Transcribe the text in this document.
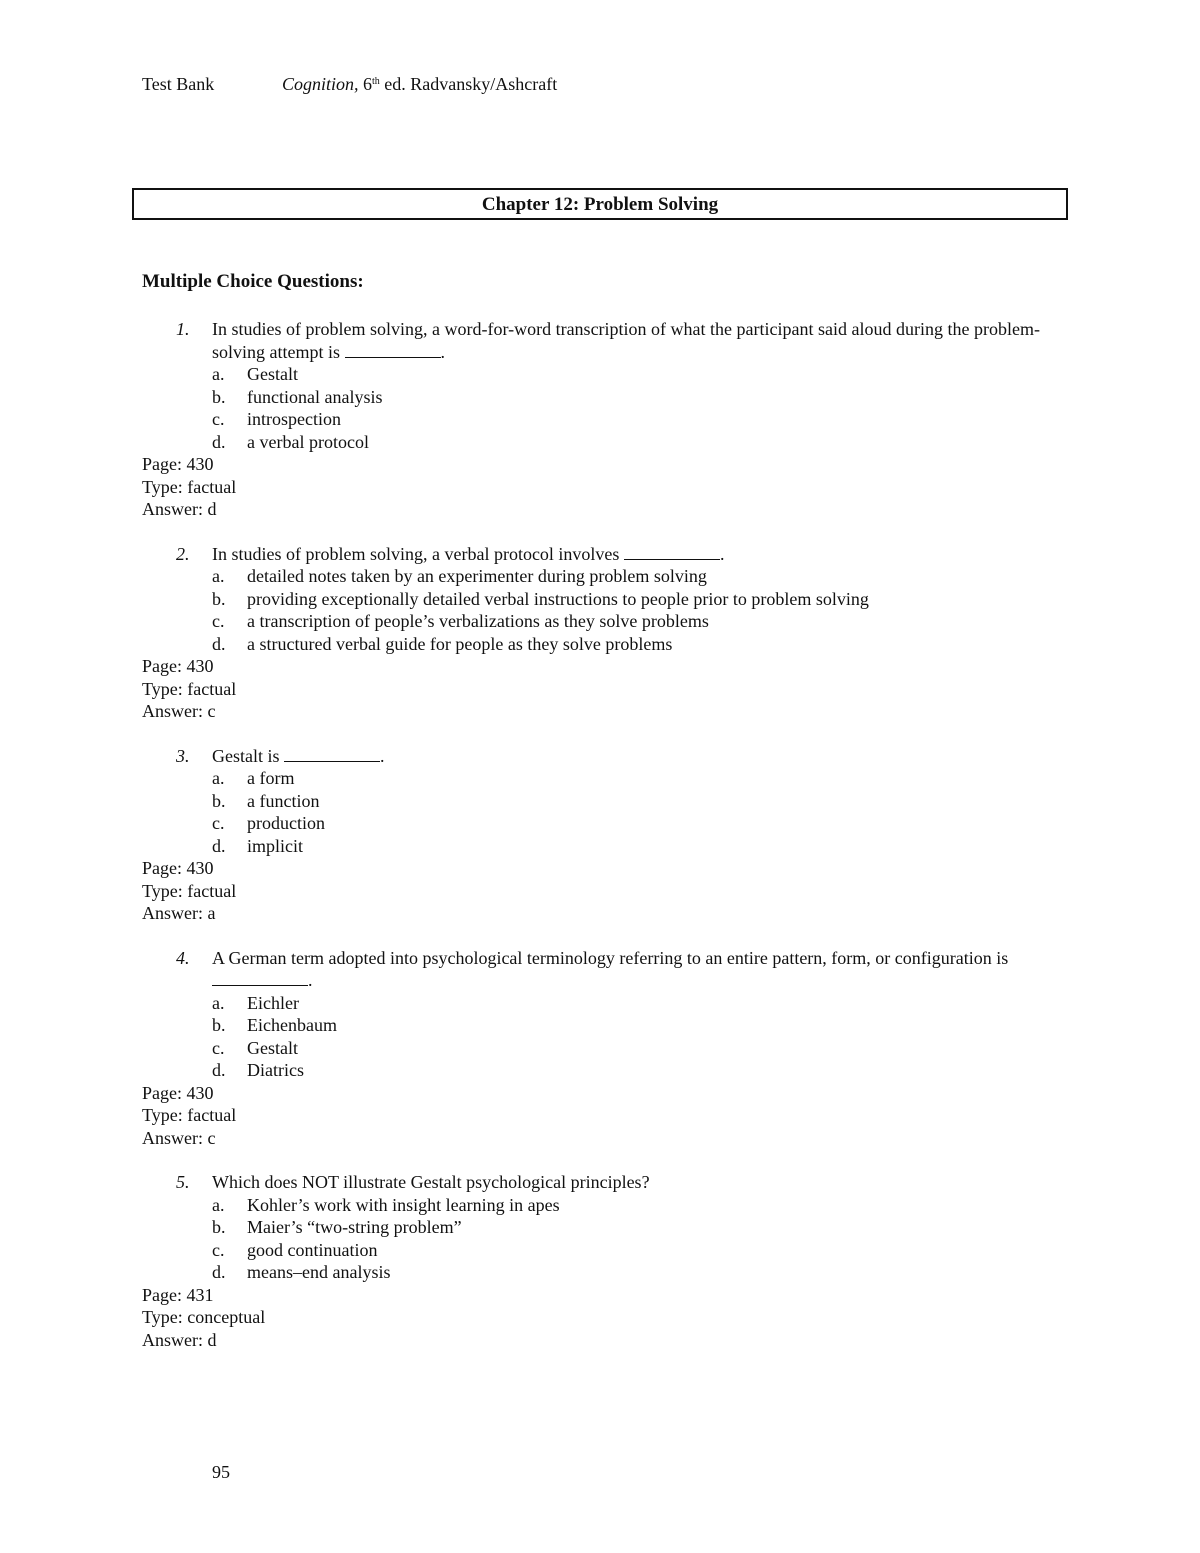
Test Bank	Cognition, 6th ed. Radvansky/Ashcraft
Chapter 12: Problem Solving
Multiple Choice Questions:
1. In studies of problem solving, a word-for-word transcription of what the participant said aloud during the problem-solving attempt is	.
a. Gestalt
b. functional analysis
c. introspection
d. a verbal protocol
Page: 430
Type: factual
Answer: d
2. In studies of problem solving, a verbal protocol involves	.
a. detailed notes taken by an experimenter during problem solving
b. providing exceptionally detailed verbal instructions to people prior to problem solving
c. a transcription of people’s verbalizations as they solve problems
d. a structured verbal guide for people as they solve problems
Page: 430
Type: factual
Answer: c
3. Gestalt is	.
a. a form
b. a function
c. production
d. implicit
Page: 430
Type: factual
Answer: a
4. A German term adopted into psychological terminology referring to an entire pattern, form, or configuration is .
a. Eichler
b. Eichenbaum
c. Gestalt
d. Diatrics
Page: 430
Type: factual
Answer: c
5. Which does NOT illustrate Gestalt psychological principles?
a. Kohler’s work with insight learning in apes
b. Maier’s “two-string problem”
c. good continuation
d. means–end analysis
Page: 431
Type: conceptual
Answer: d
95
